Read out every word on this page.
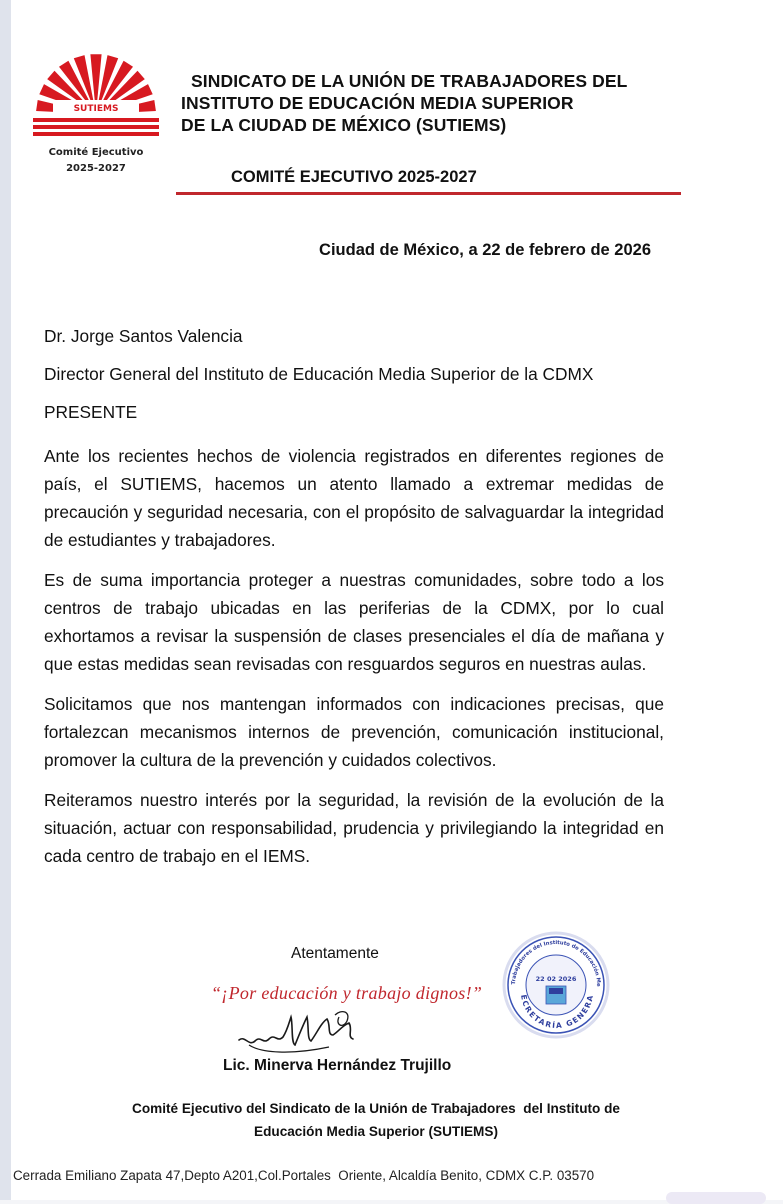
SUTIEMS
Comité Ejecutivo
2025-2027
SINDICATO DE LA UNIÓN DE TRABAJADORES DEL
INSTITUTO DE EDUCACIÓN MEDIA SUPERIOR
DE LA CIUDAD DE MÉXICO (SUTIEMS)
COMITÉ EJECUTIVO 2025-2027
Ciudad de México, a 22 de febrero de 2026

Dr. Jorge Santos Valencia

Director General del Instituto de Educación Media Superior de la CDMX

PRESENTE

Ante los recientes hechos de violencia registrados en diferentes regiones de país, el SUTIEMS, hacemos un atento llamado a extremar medidas de precaución y seguridad necesaria, con el propósito de salvaguardar la integridad de estudiantes y trabajadores.

Es de suma importancia proteger a nuestras comunidades, sobre todo a los centros de trabajo ubicadas en las periferias de la CDMX, por lo cual exhortamos a revisar la suspensión de clases presenciales el día de mañana y que estas medidas sean revisadas con resguardos seguros en nuestras aulas.

Solicitamos que nos mantengan informados con indicaciones precisas, que fortalezcan mecanismos internos de prevención, comunicación institucional, promover la cultura de la prevención y cuidados colectivos.

Reiteramos nuestro interés por la seguridad, la revisión de la evolución de la situación, actuar con responsabilidad, prudencia y privilegiando la integridad en cada centro de trabajo en el IEMS.

Atentamente
“¡Por educación y trabajo dignos!”
Lic. Minerva Hernández Trujillo
Trabajadores del Instituto de Educación Me
ECRETARÍA GENERA
22 02 2026
Comité Ejecutivo del Sindicato de la Unión de Trabajadores  del Instituto de
Educación Media Superior (SUTIEMS)
Cerrada Emiliano Zapata 47,Depto A201,Col.Portales  Oriente, Alcaldía Benito, CDMX C.P. 03570
